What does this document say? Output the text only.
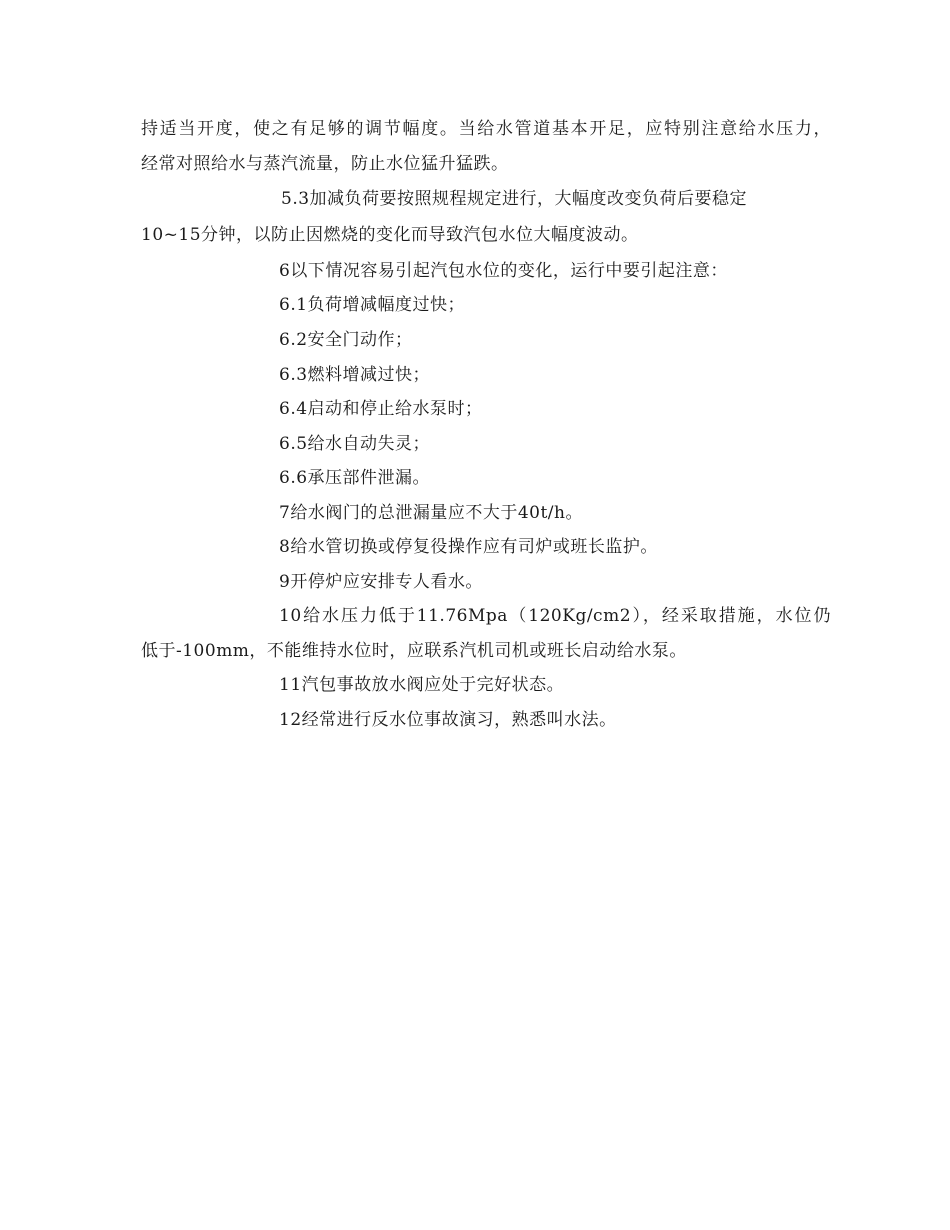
持适当开度，使之有足够的调节幅度。当给水管道基本开足，应特别注意给水压力，
经常对照给水与蒸汽流量，防止水位猛升猛跌。
5.3加减负荷要按照规程规定进行，大幅度改变负荷后要稳定
10~15分钟，以防止因燃烧的变化而导致汽包水位大幅度波动。
6以下情况容易引起汽包水位的变化，运行中要引起注意：
6.1负荷增减幅度过快；
6.2安全门动作；
6.3燃料增减过快；
6.4启动和停止给水泵时；
6.5给水自动失灵；
6.6承压部件泄漏。
7给水阀门的总泄漏量应不大于40t/h。
8给水管切换或停复役操作应有司炉或班长监护。
9开停炉应安排专人看水。
10给水压力低于11.76Mpa（120Kg/cm2），经采取措施，水位仍
低于-100mm，不能维持水位时，应联系汽机司机或班长启动给水泵。
11汽包事故放水阀应处于完好状态。
12经常进行反水位事故演习，熟悉叫水法。
